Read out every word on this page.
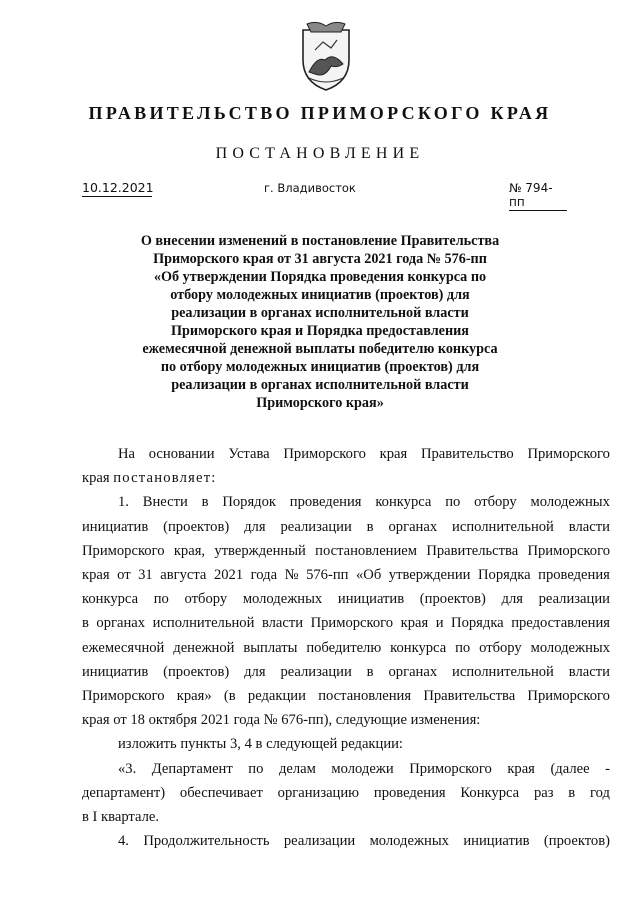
ПРАВИТЕЛЬСТВО ПРИМОРСКОГО КРАЯ
ПОСТАНОВЛЕНИЕ
10.12.2021	г. Владивосток	№ 794-пп
О внесении изменений в постановление Правительства
Приморского края от 31 августа 2021 года № 576-пп
«Об утверждении Порядка проведения конкурса по
отбору молодежных инициатив (проектов) для
реализации в органах исполнительной власти
Приморского края и Порядка предоставления
ежемесячной денежной выплаты победителю конкурса
по отбору молодежных инициатив (проектов) для
реализации в органах исполнительной власти
Приморского края»
На основании Устава Приморского края Правительство Приморского
края
постановляет:
1. Внести в Порядок проведения конкурса по отбору молодежных
инициатив (проектов) для реализации в органах исполнительной власти
Приморского края, утвержденный постановлением Правительства Приморского
края от 31 августа 2021 года № 576-пп «Об утверждении Порядка проведения
конкурса по отбору молодежных инициатив (проектов) для реализации
в органах исполнительной власти Приморского края и Порядка предоставления
ежемесячной денежной выплаты победителю конкурса по отбору молодежных
инициатив (проектов) для реализации в органах исполнительной власти
Приморского края» (в редакции постановления Правительства Приморского
края от 18 октября 2021 года № 676-пп), следующие изменения:
изложить пункты 3, 4 в следующей редакции:
«3. Департамент по делам молодежи Приморского края (далее -
департамент) обеспечивает организацию проведения Конкурса раз в год
в I квартале.
4. Продолжительность реализации молодежных инициатив (проектов)
